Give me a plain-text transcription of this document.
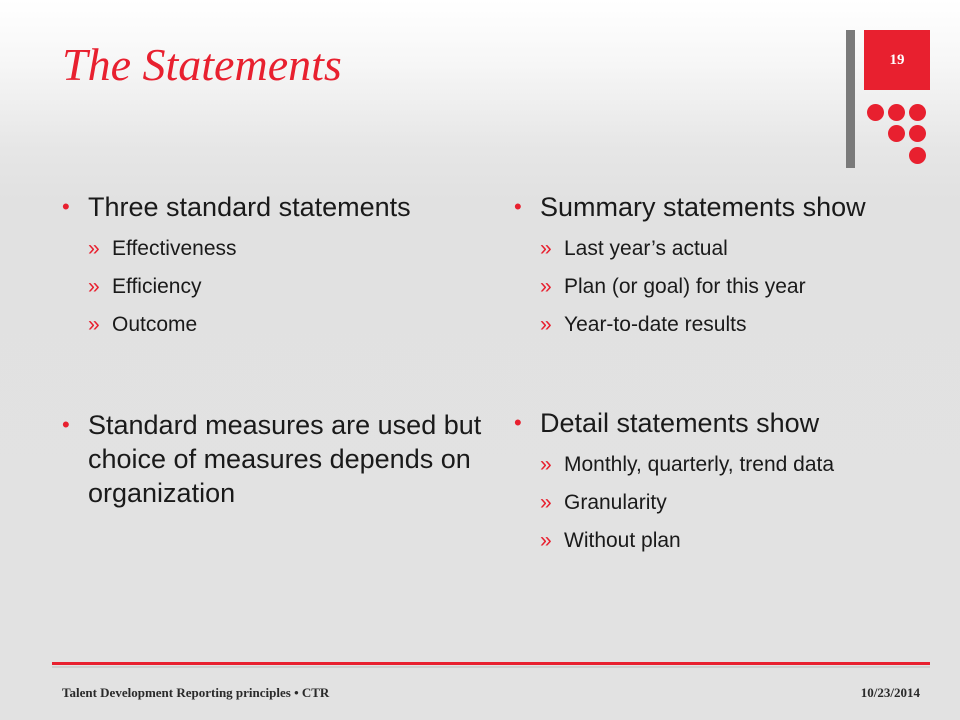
The Statements	19
• Three standard statements
» Effectiveness
» Efficiency
» Outcome
• Standard measures are used but choice of measures depends on organization
• Summary statements show
» Last year’s actual
» Plan (or goal) for this year
» Year-to-date results
• Detail statements show
» Monthly, quarterly, trend data
» Granularity
» Without plan
Talent Development Reporting principles • CTR	10/23/2014
